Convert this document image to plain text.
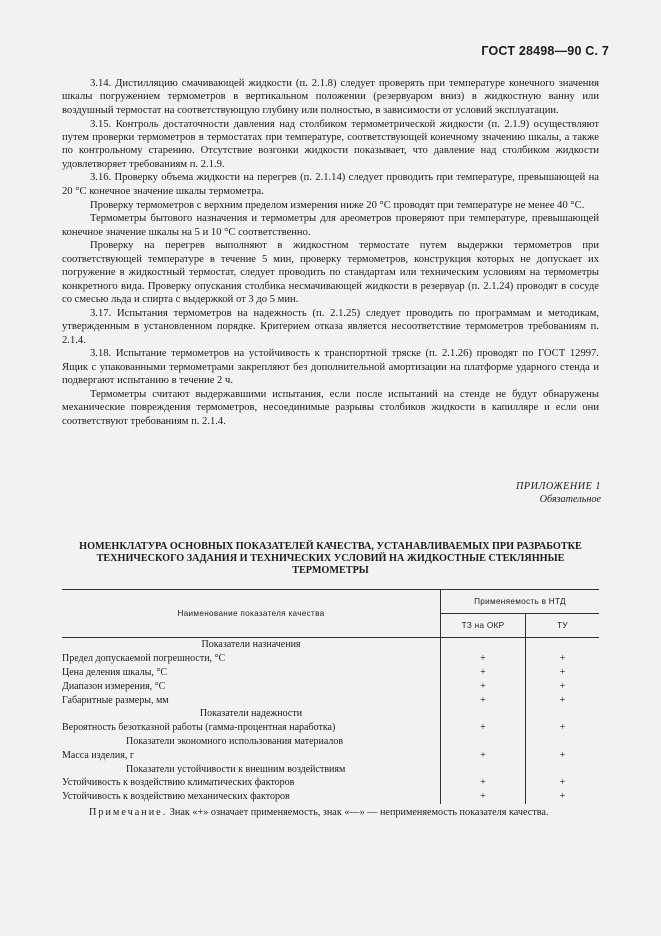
ГОСТ 28498—90 С. 7

3.14. Дистилляцию смачивающей жидкости (п. 2.1.8) следует проверять при температуре конечного значения шкалы погружением термометров в вертикальном положении (резервуаром вниз) в жидкостную ванну или воздушный термостат на соответствующую глубину или полностью, в зависимости от условий эксплуатации.

3.15. Контроль достаточности давления над столбиком термометрической жидкости (п. 2.1.9) осуществляют путем проверки термометров в термостатах при температуре, соответствующей конечному значению шкалы, а также по контрольному старению. Отсутствие возгонки жидкости показывает, что давление над столбиком жидкости удовлетворяет требованиям п. 2.1.9.

3.16. Проверку объема жидкости на перегрев (п. 2.1.14) следует проводить при температуре, превышающей на 20 °С конечное значение шкалы термометра.

Проверку термометров с верхним пределом измерения ниже 20 °С проводят при температуре не менее 40 °С.

Термометры бытового назначения и термометры для ареометров проверяют при температуре, превышающей конечное значение шкалы на 5 и 10 °С соответственно.

Проверку на перегрев выполняют в жидкостном термостате путем выдержки термометров при соответствующей температуре в течение 5 мин, проверку термометров, конструкция которых не допускает их погружение в жидкостный термостат, следует проводить по стандартам или техническим условиям на термометры конкретного вида. Проверку опускания столбика несмачивающей жидкости в резервуар (п. 2.1.24) проводят в сосуде со смесью льда и спирта с выдержкой от 3 до 5 мин.

3.17. Испытания термометров на надежность (п. 2.1.25) следует проводить по программам и методикам, утвержденным в установленном порядке. Критерием отказа является несоответствие термометров требованиям п. 2.1.4.

3.18. Испытание термометров на устойчивость к транспортной тряске (п. 2.1.26) проводят по ГОСТ 12997. Ящик с упакованными термометрами закрепляют без дополнительной амортизации на платформе ударного стенда и подвергают испытанию в течение 2 ч.

Термометры считают выдержавшими испытания, если после испытаний на стенде не будут обнаружены механические повреждения термометров, несоединимые разрывы столбиков жидкости в капилляре и если они соответствуют требованиям п. 2.1.4.

ПРИЛОЖЕНИЕ 1
Обязательное
НОМЕНКЛАТУРА ОСНОВНЫХ ПОКАЗАТЕЛЕЙ КАЧЕСТВА, УСТАНАВЛИВАЕМЫХ ПРИ РАЗРАБОТКЕ ТЕХНИЧЕСКОГО ЗАДАНИЯ И ТЕХНИЧЕСКИХ УСЛОВИЙ НА ЖИДКОСТНЫЕ СТЕКЛЯННЫЕ ТЕРМОМЕТРЫ
Наименование показателя качества	Применяемость в НТД	
	ТЗ на ОКР	ТУ
Показатели назначения		
Предел допускаемой погрешности, °С	+	+
Цена деления шкалы, °С	+	+
Диапазон измерения, °С	+	+
Габаритные размеры, мм	+	+
Показатели надежности		
Вероятность безотказной работы (гамма-процентная наработка)	+	+
Показатели экономного использования материалов		
Масса изделия, г	+	+
Показатели устойчивости к внешним воздействиям		
Устойчивость к воздействию климатических факторов	+	+
Устойчивость к воздействию механических факторов	+	+
Примечание. Знак «+» означает применяемость, знак «—» — неприменяемость показателя качества.
